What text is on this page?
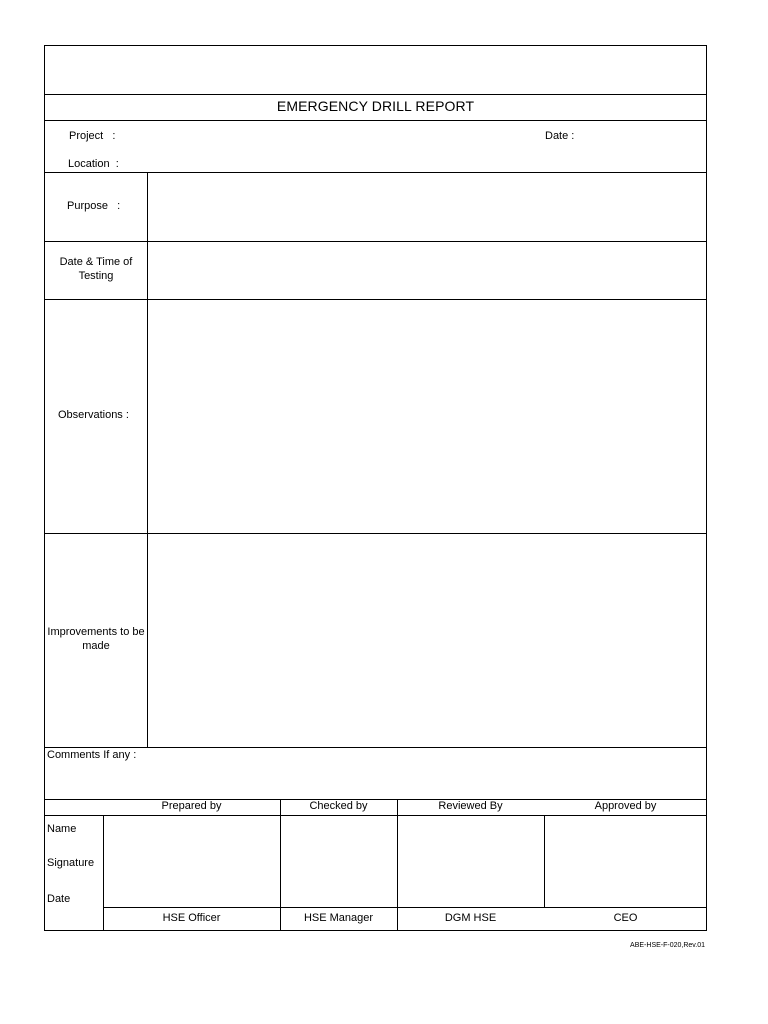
EMERGENCY DRILL REPORT
Project   :	Date :
Location  :
Purpose   :
Date & Time of Testing
Observations :
Improvements to be made
Comments If any :
Prepared by	Checked by	Reviewed By	Approved by
Name
Signature
Date
HSE Officer	HSE Manager	DGM HSE	CEO
ABE-HSE-F-020,Rev.01
